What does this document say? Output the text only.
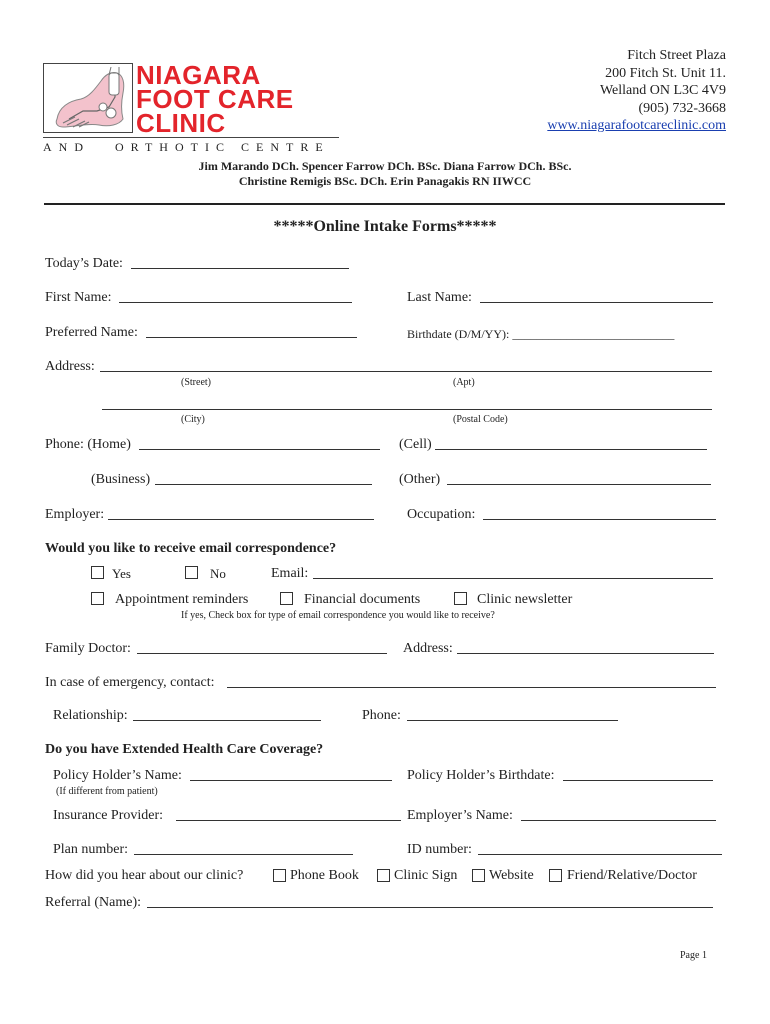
NIAGARA
FOOT CARE
CLINIC
AND ORTHOTIC CENTRE
Fitch Street Plaza
200 Fitch St. Unit 11.
Welland ON L3C 4V9
(905) 732-3668
www.niagarafootcareclinic.com
Jim Marando DCh. Spencer Farrow DCh. BSc. Diana Farrow DCh. BSc.
Christine Remigis BSc. DCh. Erin Panagakis RN IIWCC
*****Online Intake Forms*****
Today’s Date:
First Name:	Last Name:
Preferred Name:	Birthdate (D/M/YY): ___________________________
Address:
(Street)	(Apt)
(City)	(Postal Code)
Phone: (Home)	(Cell)
(Business)	(Other)
Employer:	Occupation:
Would you like to receive email correspondence?
Yes	No	Email:
Appointment reminders	Financial documents	Clinic newsletter
If yes, Check box for type of email correspondence you would like to receive?
Family Doctor:	Address:
In case of emergency, contact:
Relationship:	Phone:
Do you have Extended Health Care Coverage?
Policy Holder’s Name:	Policy Holder’s Birthdate:
(If different from patient)
Insurance Provider:	Employer’s Name:
Plan number:	ID number:
How did you hear about our clinic?	Phone Book	Clinic Sign Website Friend/Relative/Doctor
Referral (Name):
Page 1
